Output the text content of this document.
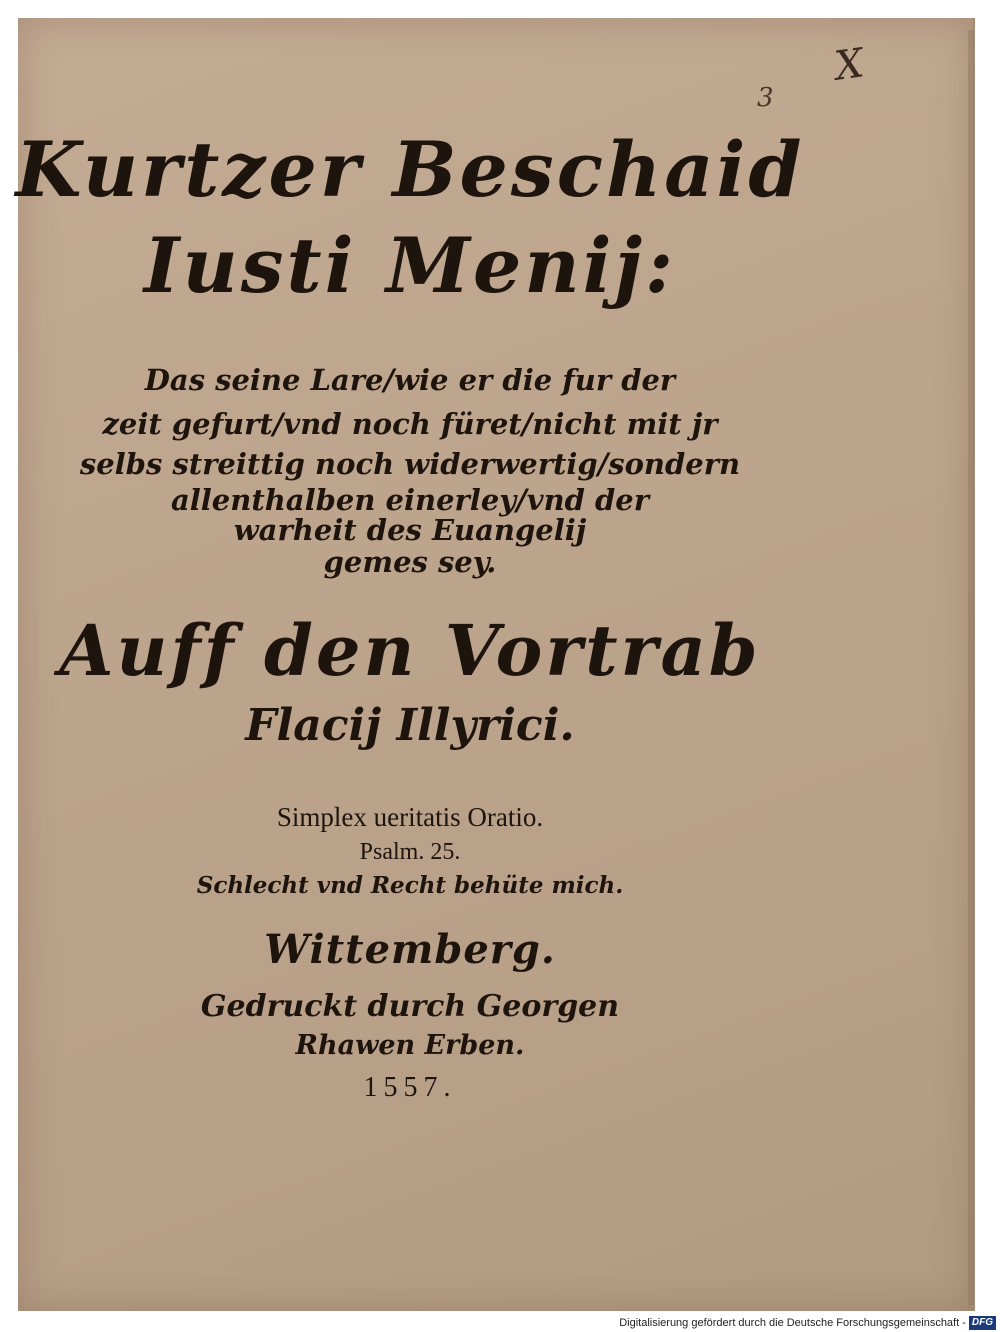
X
3
Kurtzer Beschaid
Iusti Menij:
Das seine Lare/wie er die fur der
zeit gefurt/vnd noch füret/nicht mit jr
selbs streittig noch widerwertig/sondern
allenthalben einerley/vnd der
warheit des Euangelij
gemes sey.
Auff den Vortrab
Flacij Illyrici.
Simplex ueritatis Oratio.
Psalm. 25.
Schlecht vnd Recht behüte mich.
Wittemberg.
Gedruckt durch Georgen
Rhawen Erben.
1557.
Digitalisierung gefördert durch die Deutsche Forschungsgemeinschaft - DFG
